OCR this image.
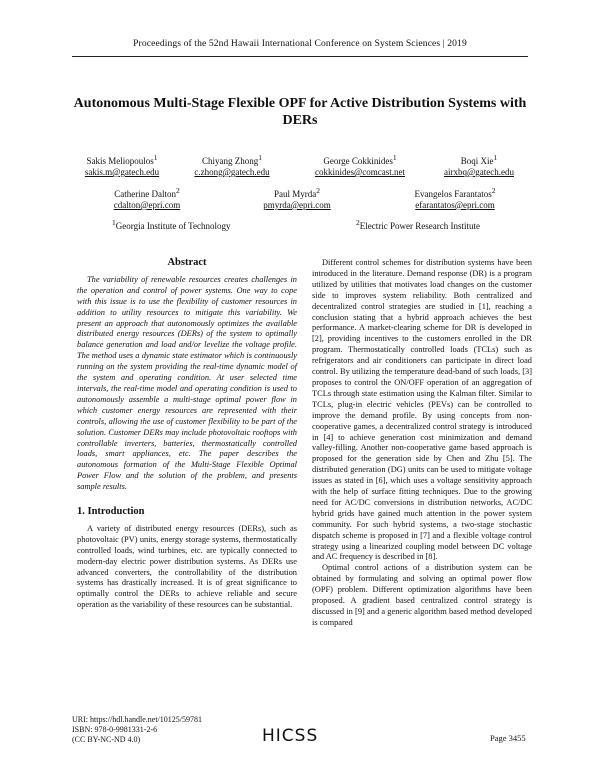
Proceedings of the 52nd Hawaii International Conference on System Sciences | 2019
Autonomous Multi-Stage Flexible OPF for Active Distribution Systems with DERs
Sakis Meliopoulos$^1$
sakis.m@gatech.edu
Chiyang Zhong$^1$
c.zhong@gatech.edu
George Cokkinides$^1$
cokkinides@comcast.net
Boqi Xie$^1$
airxbq@gatech.edu
Catherine Dalton$^2$
cdalton@epri.com
Paul Myrda$^2$
pmyrda@epri.com
Evangelos Farantatos$^2$
efarantatos@epri.com
$^1$Georgia Institute of Technology	$^2$Electric Power Research Institute
Abstract
The variability of renewable resources creates challenges in the operation and control of power systems. One way to cope with this issue is to use the flexibility of customer resources in addition to utility resources to mitigate this variability. We present an approach that autonomously optimizes the available distributed energy resources (DERs) of the system to optimally balance generation and load and/or levelize the voltage profile. The method uses a dynamic state estimator which is continuously running on the system providing the real-time dynamic model of the system and operating condition. At user selected time intervals, the real-time model and operating condition is used to autonomously assemble a multi-stage optimal power flow in which customer energy resources are represented with their controls, allowing the use of customer flexibility to be part of the solution. Customer DERs may include photovoltaic rooftops with controllable inverters, batteries, thermostatically controlled loads, smart appliances, etc. The paper describes the autonomous formation of the Multi-Stage Flexible Optimal Power Flow and the solution of the problem, and presents sample results.
1. Introduction
A variety of distributed energy resources (DERs), such as photovoltaic (PV) units, energy storage systems, thermostatically controlled loads, wind turbines, etc. are typically connected to modern-day electric power distribution systems. As DERs use advanced converters, the controllability of the distribution systems has drastically increased. It is of great significance to optimally control the DERs to achieve reliable and secure operation as the variability of these resources can be substantial.
Different control schemes for distribution systems have been introduced in the literature. Demand response (DR) is a program utilized by utilities that motivates load changes on the customer side to improves system reliability. Both centralized and decentralized control strategies are studied in [1], reaching a conclusion stating that a hybrid approach achieves the best performance. A market-clearing scheme for DR is developed in [2], providing incentives to the customers enrolled in the DR program. Thermostatically controlled loads (TCLs) such as refrigerators and air conditioners can participate in direct load control. By utilizing the temperature dead-band of such loads, [3] proposes to control the ON/OFF operation of an aggregation of TCLs through state estimation using the Kalman filter. Similar to TCLs, plug-in electric vehicles (PEVs) can be controlled to improve the demand profile. By using concepts from non-cooperative games, a decentralized control strategy is introduced in [4] to achieve generation cost minimization and demand valley-filling. Another non-cooperative game based approach is proposed for the generation side by Chen and Zhu [5]. The distributed generation (DG) units can be used to mitigate voltage issues as stated in [6], which uses a voltage sensitivity approach with the help of surface fitting techniques. Due to the growing need for AC/DC conversions in distribution networks, AC/DC hybrid grids have gained much attention in the power system community. For such hybrid systems, a two-stage stochastic dispatch scheme is proposed in [7] and a flexible voltage control strategy using a linearized coupling model between DC voltage and AC frequency is described in [8].
Optimal control actions of a distribution system can be obtained by formulating and solving an optimal power flow (OPF) problem. Different optimization algorithms have been proposed. A gradient based centralized control strategy is discussed in [9] and a generic algorithm based method developed is compared
URI: https://hdl.handle.net/10125/59781
ISBN: 978-0-9981331-2-6
(CC BY-NC-ND 4.0)	HICSS	Page 3455
